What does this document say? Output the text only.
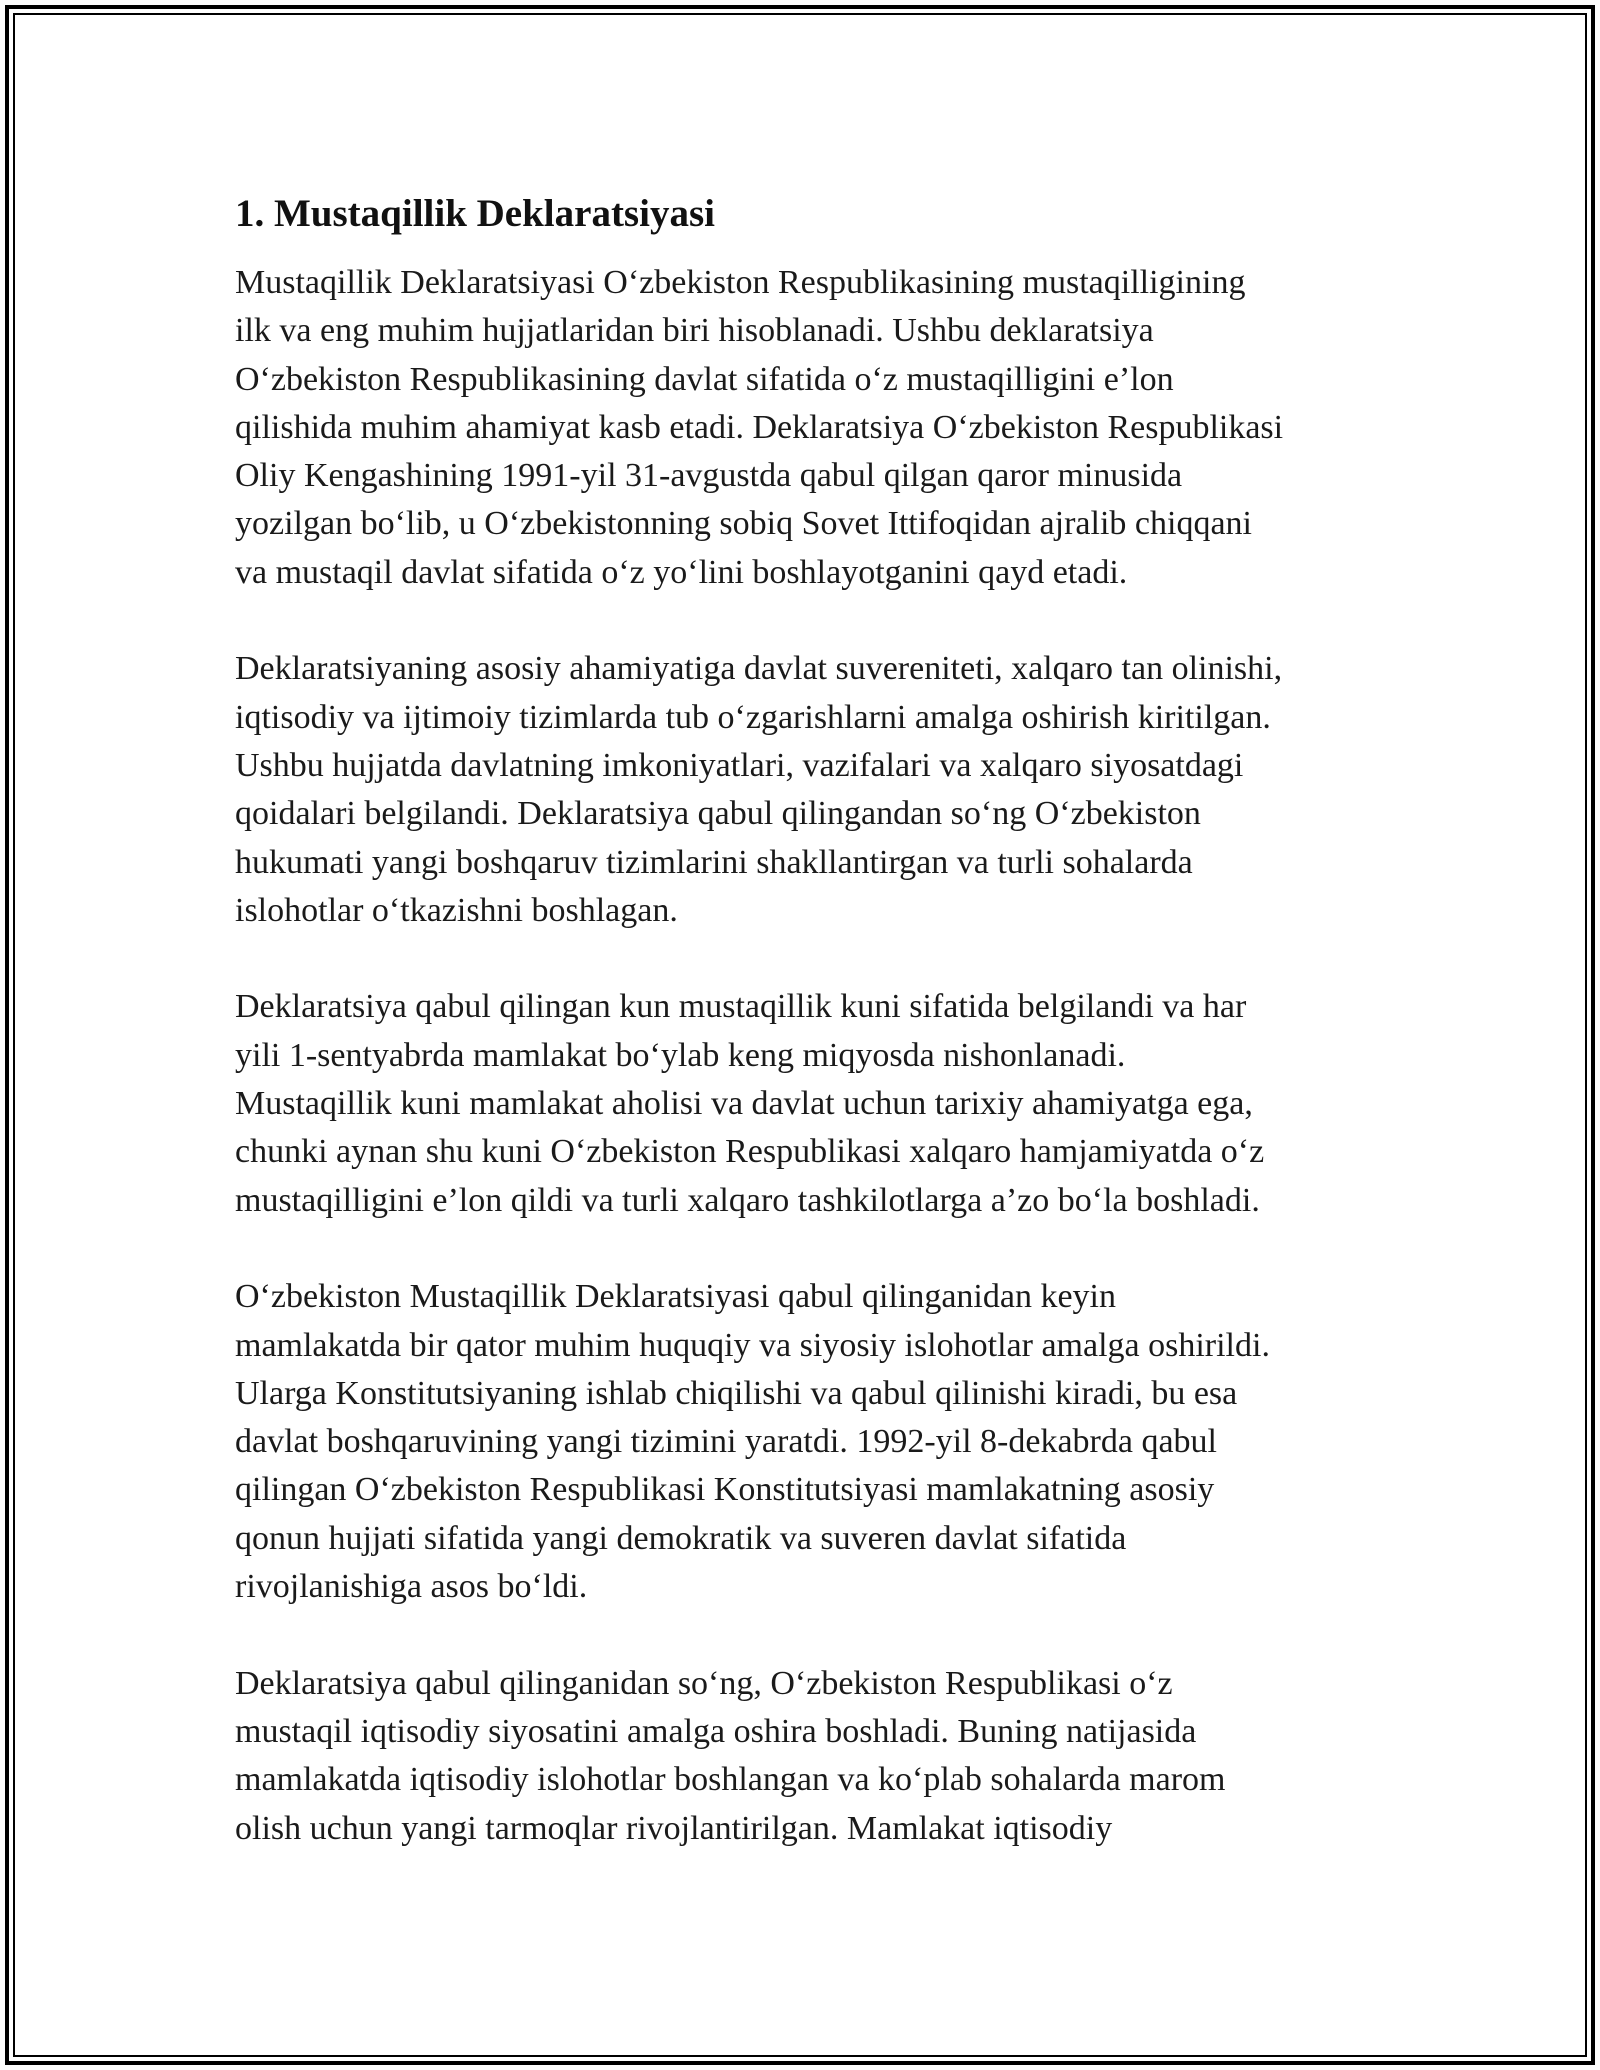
1. Mustaqillik Deklaratsiyasi

Mustaqillik Deklaratsiyasi O‘zbekiston Respublikasining mustaqilligining
ilk va eng muhim hujjatlaridan biri hisoblanadi. Ushbu deklaratsiya
O‘zbekiston Respublikasining davlat sifatida o‘z mustaqilligini e’lon
qilishida muhim ahamiyat kasb etadi. Deklaratsiya O‘zbekiston Respublikasi
Oliy Kengashining 1991-yil 31-avgustda qabul qilgan qaror minusida
yozilgan bo‘lib, u O‘zbekistonning sobiq Sovet Ittifoqidan ajralib chiqqani
va mustaqil davlat sifatida o‘z yo‘lini boshlayotganini qayd etadi.

Deklaratsiyaning asosiy ahamiyatiga davlat suvereniteti, xalqaro tan olinishi,
iqtisodiy va ijtimoiy tizimlarda tub o‘zgarishlarni amalga oshirish kiritilgan.
Ushbu hujjatda davlatning imkoniyatlari, vazifalari va xalqaro siyosatdagi
qoidalari belgilandi. Deklaratsiya qabul qilingandan so‘ng O‘zbekiston
hukumati yangi boshqaruv tizimlarini shakllantirgan va turli sohalarda
islohotlar o‘tkazishni boshlagan.

Deklaratsiya qabul qilingan kun mustaqillik kuni sifatida belgilandi va har
yili 1-sentyabrda mamlakat bo‘ylab keng miqyosda nishonlanadi.
Mustaqillik kuni mamlakat aholisi va davlat uchun tarixiy ahamiyatga ega,
chunki aynan shu kuni O‘zbekiston Respublikasi xalqaro hamjamiyatda o‘z
mustaqilligini e’lon qildi va turli xalqaro tashkilotlarga a’zo bo‘la boshladi.

O‘zbekiston Mustaqillik Deklaratsiyasi qabul qilinganidan keyin
mamlakatda bir qator muhim huquqiy va siyosiy islohotlar amalga oshirildi.
Ularga Konstitutsiyaning ishlab chiqilishi va qabul qilinishi kiradi, bu esa
davlat boshqaruvining yangi tizimini yaratdi. 1992-yil 8-dekabrda qabul
qilingan O‘zbekiston Respublikasi Konstitutsiyasi mamlakatning asosiy
qonun hujjati sifatida yangi demokratik va suveren davlat sifatida
rivojlanishiga asos bo‘ldi.

Deklaratsiya qabul qilinganidan so‘ng, O‘zbekiston Respublikasi o‘z
mustaqil iqtisodiy siyosatini amalga oshira boshladi. Buning natijasida
mamlakatda iqtisodiy islohotlar boshlangan va ko‘plab sohalarda marom
olish uchun yangi tarmoqlar rivojlantirilgan. Mamlakat iqtisodiy
